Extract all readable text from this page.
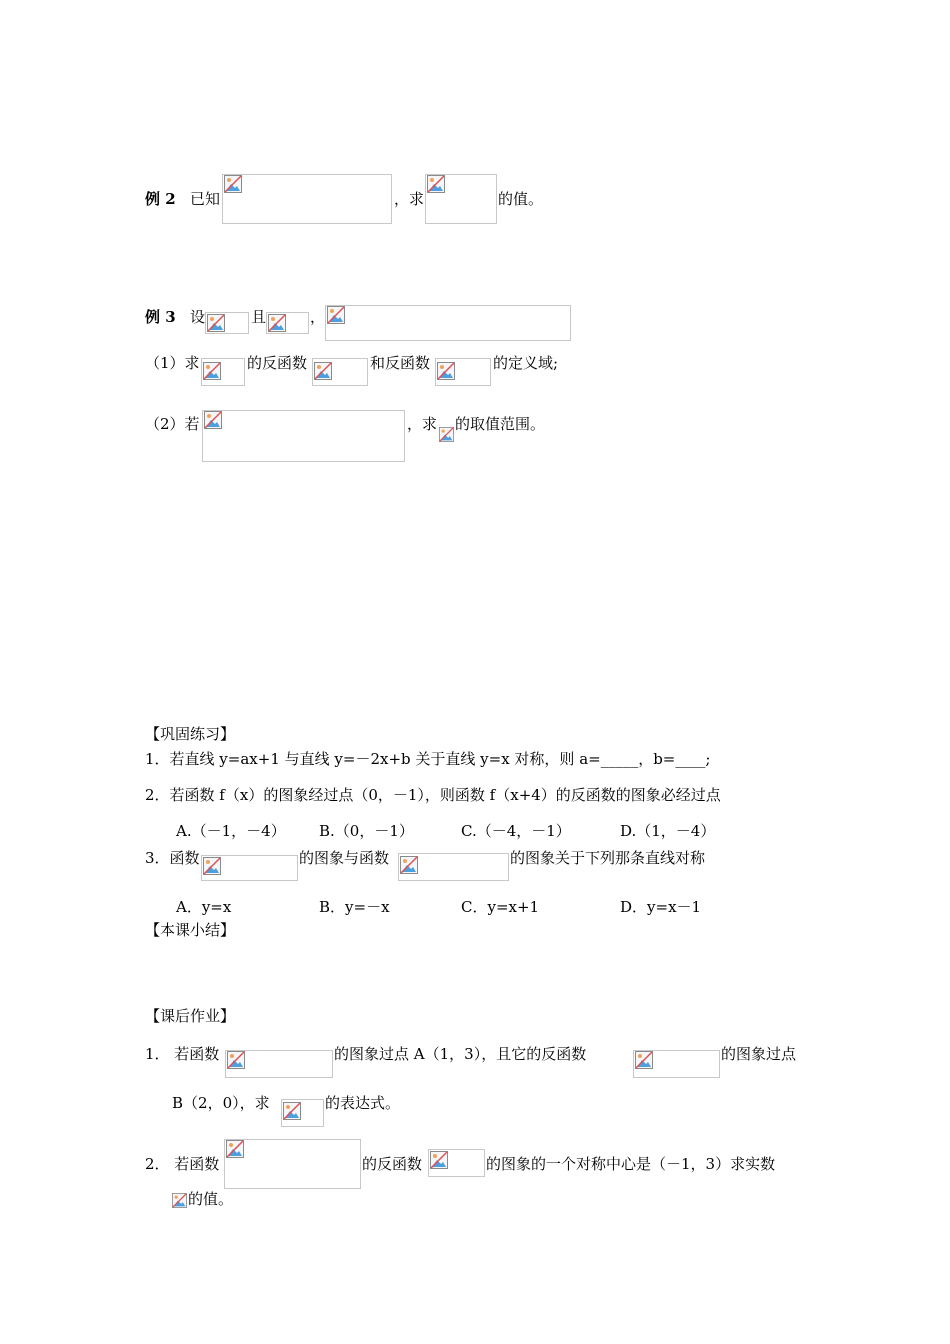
例 2 已知	，求	的值。
例 3 设	且	，
（1）求	的反函数	和反函数	的定义域;
（2）若	，求 的取值范围。
【巩固练习】
1．若直线 y=ax+1 与直线 y=－2x+b 关于直线 y=x 对称，则 a=_____，b=____;
2．若函数 f（x）的图象经过点（0，－1），则函数 f（x+4）的反函数的图象必经过点
A.（－1，－4） B.（0，－1）	C.（－4，－1）	D.（1，－4）
3．函数	的图象与函数	的图象关于下列那条直线对称
A．y=x	B．y=－x	C．y=x+1	D．y=x－1
【本课小结】
【课后作业】
1． 若函数	的图象过点 A（1，3），且它的反函数	的图象过点
B（2，0），求	的表达式。
2． 若函数	的反函数	的图象的一个对称中心是（－1，3）求实数
的值。
